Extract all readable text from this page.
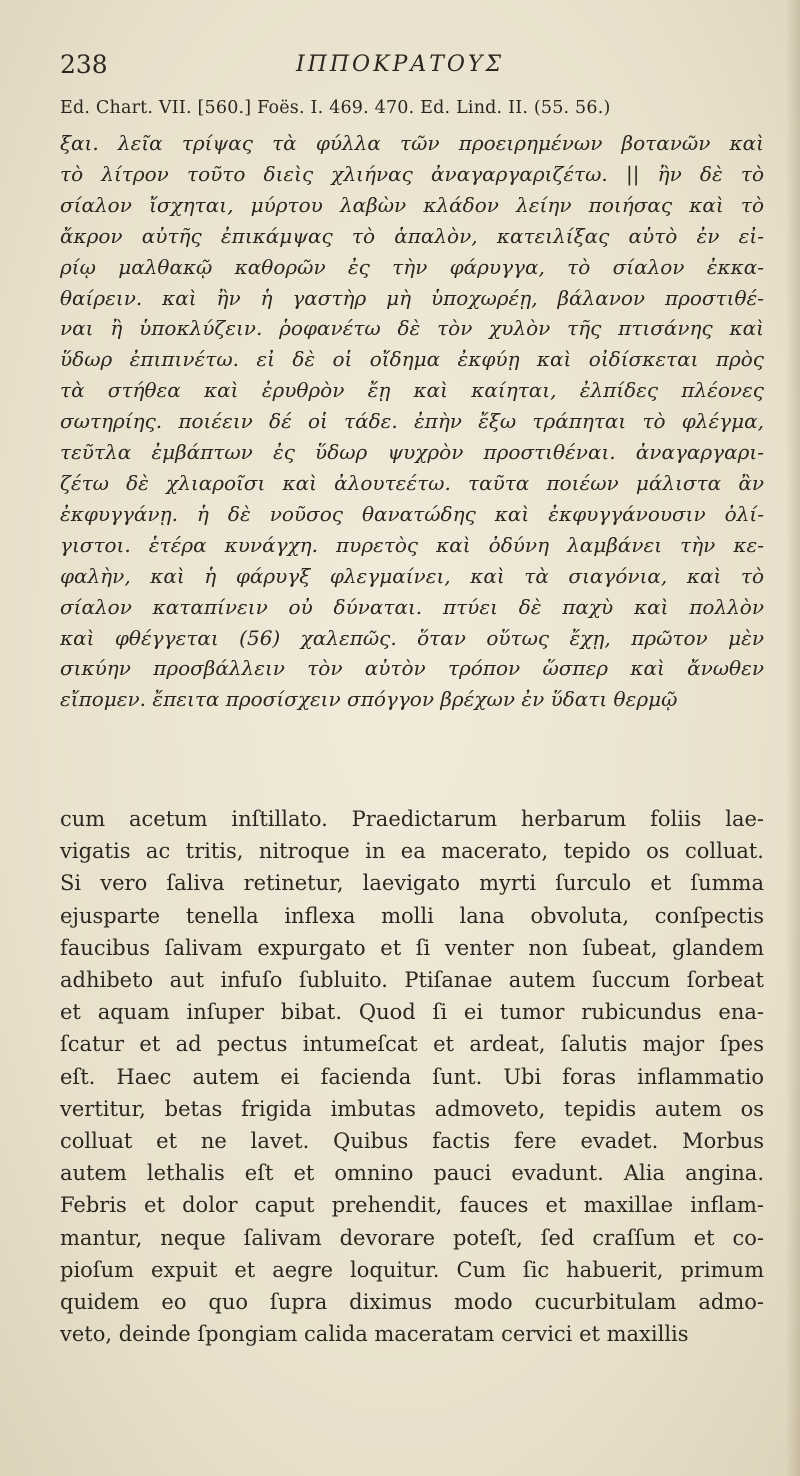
238	ΙΠΠΟΚΡΑΤΟΥΣ
Ed. Chart. VII. [560.] Foës. I. 469. 470. Ed. Lind. II. (55. 56.)
ξαι. λεῖα τρίψας τὰ φύλλα τῶν προειρημένων βοτανῶν καὶ
τὸ λίτρον τοῦτο διεὶς χλιήνας ἀναγαργαριζέτω. || ἢν δὲ τὸ
σίαλον ἴσχηται, μύρτου λαβὼν κλάδον λείην ποιήσας καὶ τὸ
ἄκρον αὐτῆς ἐπικάμψας τὸ ἁπαλὸν, κατειλίξας αὐτὸ ἐν εἰ-
ρίῳ μαλθακῷ καθορῶν ἐς τὴν φάρυγγα, τὸ σίαλον ἐκκα-
θαίρειν. καὶ ἢν ἡ γαστὴρ μὴ ὑποχωρέῃ, βάλανον προστιθέ-
ναι ἢ ὑποκλύζειν. ῥοφανέτω δὲ τὸν χυλὸν τῆς πτισάνης καὶ
ὕδωρ ἐπιπινέτω. εἰ δὲ οἱ οἴδημα ἐκφύῃ καὶ οἰδίσκεται πρὸς
τὰ στήθεα καὶ ἐρυθρὸν ἔῃ καὶ καίηται, ἐλπίδες πλέονες
σωτηρίης. ποιέειν δέ οἱ τάδε. ἐπὴν ἔξω τράπηται τὸ φλέγμα,
τεῦτλα ἐμβάπτων ἐς ὕδωρ ψυχρὸν προστιθέναι. ἀναγαργαρι-
ζέτω δὲ χλιαροῖσι καὶ ἀλουτεέτω. ταῦτα ποιέων μάλιστα ἂν
ἐκφυγγάνῃ. ἡ δὲ νοῦσος θανατώδης καὶ ἐκφυγγάνουσιν ὀλί-
γιστοι. ἑτέρα κυνάγχη. πυρετὸς καὶ ὀδύνη λαμβάνει τὴν κε-
φαλὴν, καὶ ἡ φάρυγξ φλεγμαίνει, καὶ τὰ σιαγόνια, καὶ τὸ
σίαλον καταπίνειν οὐ δύναται. πτύει δὲ παχὺ καὶ πολλὸν
καὶ φθέγγεται (56) χαλεπῶς. ὅταν οὕτως ἔχῃ, πρῶτον μὲν
σικύην προσβάλλειν τὸν αὐτὸν τρόπον ὥσπερ καὶ ἄνωθεν
εἴπομεν. ἔπειτα προσίσχειν σπόγγον βρέχων ἐν ὕδατι θερμῷ
cum acetum inſtillato. Praedictarum herbarum foliis lae-
vigatis ac tritis, nitroque in ea macerato, tepido os colluat.
Si vero ſaliva retinetur, laevigato myrti ſurculo et ſumma
ejusparte tenella inflexa molli lana obvoluta, conſpectis
faucibus ſalivam expurgato et ſi venter non ſubeat, glandem
adhibeto aut infuſo ſubluito. Ptiſanae autem ſuccum ſorbeat
et aquam inſuper bibat. Quod ſi ei tumor rubicundus ena-
ſcatur et ad pectus intumeſcat et ardeat, ſalutis major ſpes
eſt. Haec autem ei facienda ſunt. Ubi foras inflammatio
vertitur, betas frigida imbutas admoveto, tepidis autem os
colluat et ne lavet. Quibus factis fere evadet. Morbus
autem lethalis eſt et omnino pauci evadunt. Alia angina.
Febris et dolor caput prehendit, fauces et maxillae inflam-
mantur, neque ſalivam devorare poteſt, ſed craſſum et co-
pioſum expuit et aegre loquitur. Cum ſic habuerit, primum
quidem eo quo ſupra diximus modo cucurbitulam admo-
veto, deinde ſpongiam calida maceratam cervici et maxillis
